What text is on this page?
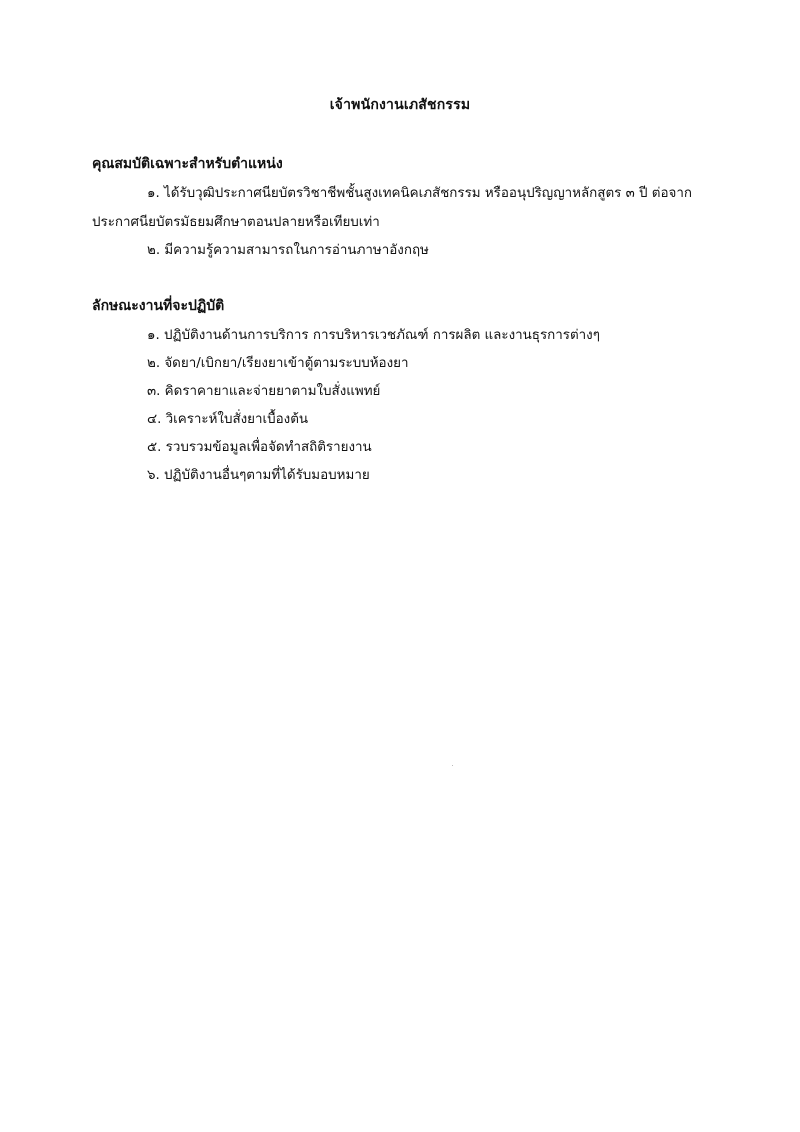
เจ้าพนักงานเภสัชกรรม
คุณสมบัติเฉพาะสำหรับตำแหน่ง
๑. ได้รับวุฒิประกาศนียบัตรวิชาชีพชั้นสูงเทคนิคเภสัชกรรม หรืออนุปริญญาหลักสูตร ๓ ปี ต่อจาก
ประกาศนียบัตรมัธยมศึกษาตอนปลายหรือเทียบเท่า
๒. มีความรู้ความสามารถในการอ่านภาษาอังกฤษ
ลักษณะงานที่จะปฏิบัติ
๑. ปฏิบัติงานด้านการบริการ การบริหารเวชภัณฑ์ การผลิต และงานธุรการต่างๆ
๒. จัดยา/เบิกยา/เรียงยาเข้าตู้ตามระบบห้องยา
๓. คิดราคายาและจ่ายยาตามใบสั่งแพทย์
๔. วิเคราะห์ใบสั่งยาเบื้องต้น
๕. รวบรวมข้อมูลเพื่อจัดทำสถิติรายงาน
๖. ปฏิบัติงานอื่นๆตามที่ได้รับมอบหมาย
